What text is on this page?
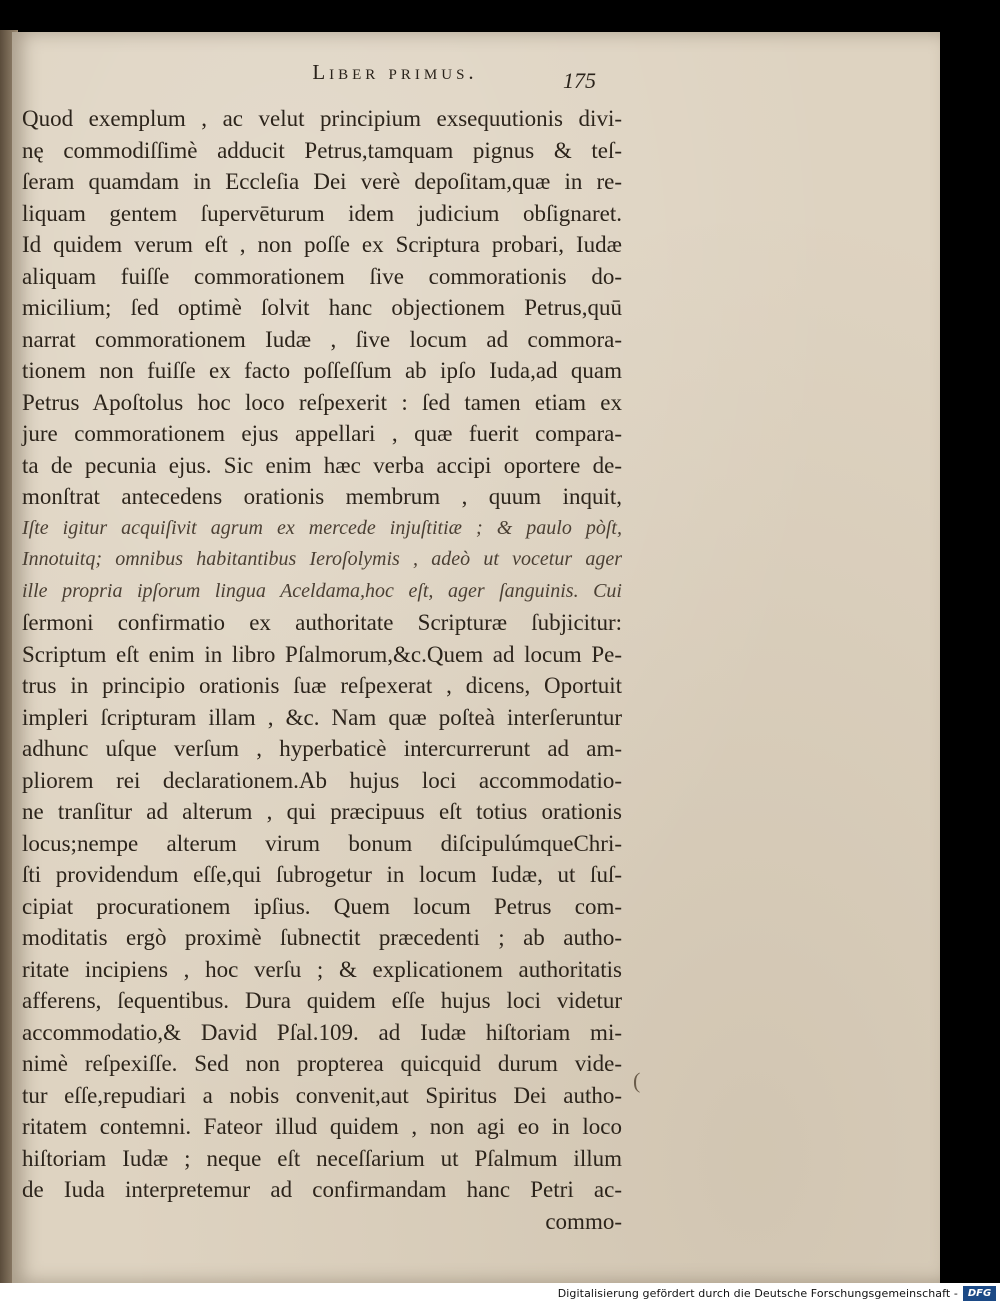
Liber primus.	175
Quod exemplum , ac velut principium exsequutionis divi-
nę commodiſſimè adducit Petrus,tamquam pignus & teſ-
ſeram quamdam in Eccleſia Dei verè depoſitam,quæ in re-
liquam gentem ſupervēturum idem judicium obſignaret.
Id quidem verum eſt , non poſſe ex Scriptura probari, Iudæ
aliquam fuiſſe commorationem ſive commorationis do-
micilium; ſed optimè ſolvit hanc objectionem Petrus,quū
narrat commorationem Iudæ , ſive locum ad commora-
tionem non fuiſſe ex facto poſſeſſum ab ipſo Iuda,ad quam
Petrus Apoſtolus hoc loco reſpexerit : ſed tamen etiam ex
jure commorationem ejus appellari , quæ fuerit compara-
ta de pecunia ejus. Sic enim hæc verba accipi oportere de-
monſtrat antecedens orationis membrum , quum inquit,
Iſte igitur acquiſivit agrum ex mercede injuſtitiæ ; & paulo pòſt,
Innotuitq; omnibus habitantibus Ieroſolymis , adeò ut vocetur ager
ille propria ipſorum lingua Aceldama,hoc eſt, ager ſanguinis. Cui
ſermoni confirmatio ex authoritate Scripturæ ſubjicitur:
Scriptum eſt enim in libro Pſalmorum,&c.Quem ad locum Pe-
trus in principio orationis ſuæ reſpexerat , dicens, Oportuit
impleri ſcripturam illam , &c. Nam quæ poſteà interſeruntur
adhunc uſque verſum , hyperbaticè intercurrerunt ad am-
pliorem rei declarationem.Ab hujus loci accommodatio-
ne tranſitur ad alterum , qui præcipuus eſt totius orationis
locus;nempe alterum virum bonum diſcipulúmqueChri-
ſti providendum eſſe,qui ſubrogetur in locum Iudæ, ut ſuſ-
cipiat procurationem ipſius. Quem locum Petrus com-
moditatis ergò proximè ſubnectit præcedenti ; ab autho-
ritate incipiens , hoc verſu ; & explicationem authoritatis
afferens, ſequentibus. Dura quidem eſſe hujus loci videtur
accommodatio,& David Pſal.109. ad Iudæ hiſtoriam mi-
nimè reſpexiſſe. Sed non propterea quicquid durum vide-
tur eſſe,repudiari a nobis convenit,aut Spiritus Dei autho-
ritatem contemni. Fateor illud quidem , non agi eo in loco
hiſtoriam Iudæ ; neque eſt neceſſarium ut Pſalmum illum
de Iuda interpretemur ad confirmandam hanc Petri ac-
commo-
(
Digitalisierung gefördert durch die Deutsche Forschungsgemeinschaft - DFG
